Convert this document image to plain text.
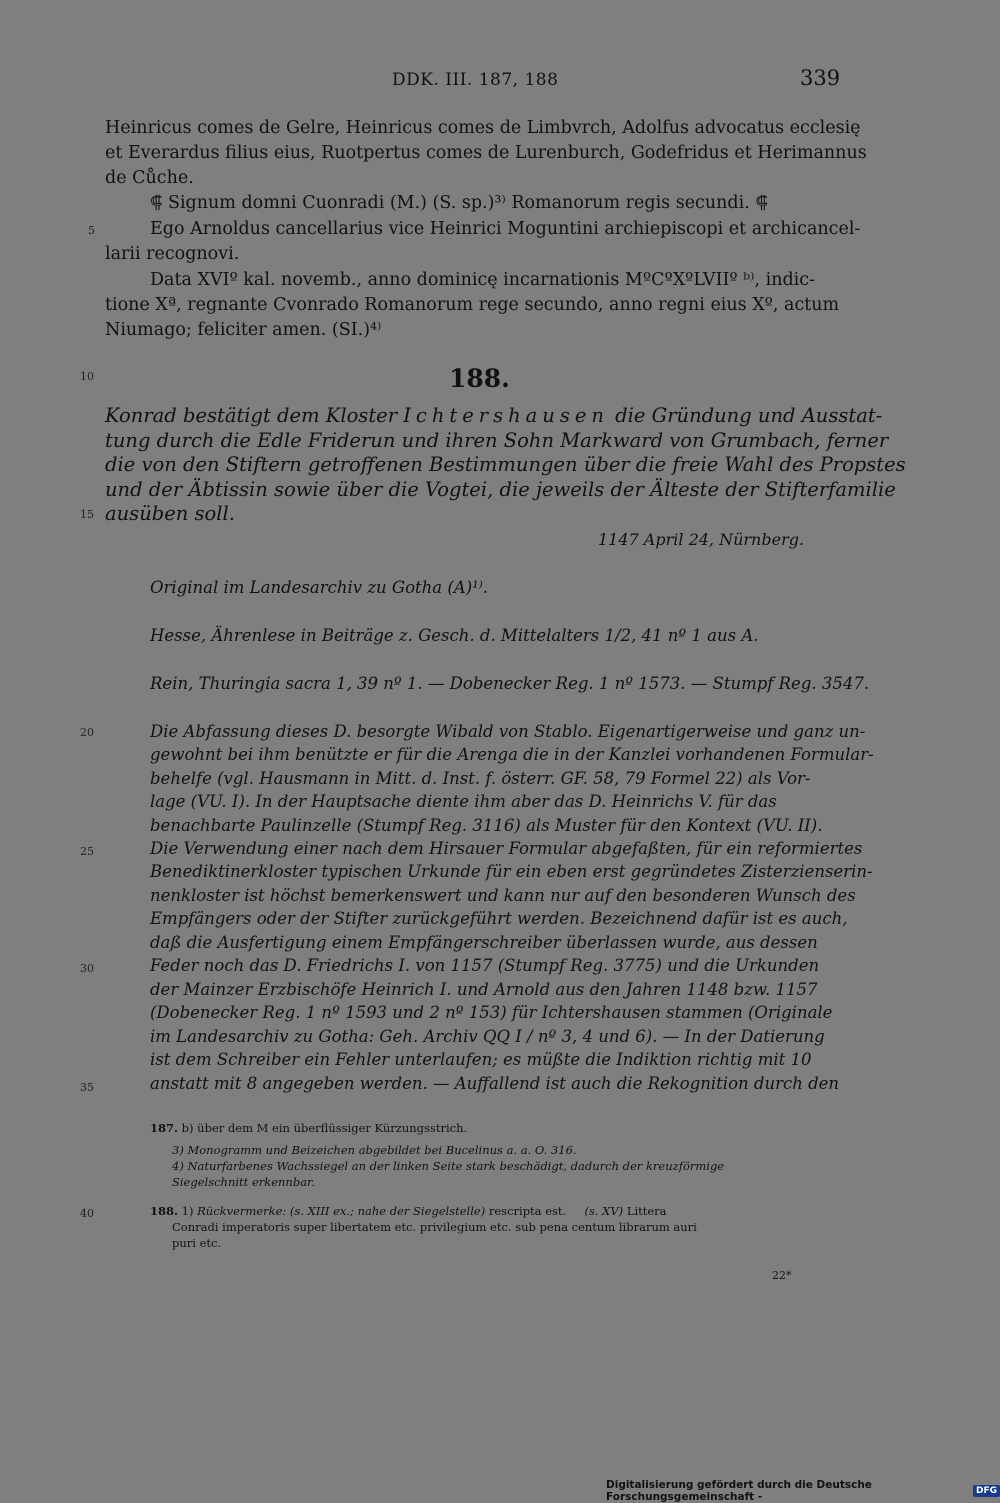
DDK. III. 187, 188	339
Heinricus comes de Gelre, Heinricus comes de Limbvrch, Adolfus advocatus ecclesię
et Everardus filius eius, Ruotpertus comes de Lurenburch, Godefridus et Herimannus
de Cůche.
⸿ Signum domni Cuonradi (M.) (S. sp.)³⁾ Romanorum regis secundi. ⸿
Ego Arnoldus cancellarius vice Heinrici Moguntini archiepiscopi et archicancel-
larii recognovi.
Data XVIº kal. novemb., anno dominicę incarnationis MºCºXºLVIIº ᵇ⁾, indic-
tione Xª, regnante Cvonrado Romanorum rege secundo, anno regni eius Xº, actum
Niumago; feliciter amen. (SI.)⁴⁾
5
10
15
20
25
30
35
40
188.
Konrad bestätigt dem Kloster Ichtershausen die Gründung und Ausstat-
tung durch die Edle Friderun und ihren Sohn Markward von Grumbach, ferner
die von den Stiftern getroffenen Bestimmungen über die freie Wahl des Propstes
und der Äbtissin sowie über die Vogtei, die jeweils der Älteste der Stifterfamilie
ausüben soll.
1147 April 24, Nürnberg.
Original im Landesarchiv zu Gotha (A)¹⁾.
Hesse, Ährenlese in Beiträge z. Gesch. d. Mittelalters 1/2, 41 nº 1 aus A.
Rein, Thuringia sacra 1, 39 nº 1. — Dobenecker Reg. 1 nº 1573. — Stumpf Reg. 3547.
Die Abfassung dieses D. besorgte Wibald von Stablo. Eigenartigerweise und ganz un-
gewohnt bei ihm benützte er für die Arenga die in der Kanzlei vorhandenen Formular-
behelfe (vgl. Hausmann in Mitt. d. Inst. f. österr. GF. 58, 79 Formel 22) als Vor-
lage (VU. I). In der Hauptsache diente ihm aber das D. Heinrichs V. für das
benachbarte Paulinzelle (Stumpf Reg. 3116) als Muster für den Kontext (VU. II).
Die Verwendung einer nach dem Hirsauer Formular abgefaßten, für ein reformiertes
Benediktinerkloster typischen Urkunde für ein eben erst gegründetes Zisterzienserin-
nenkloster ist höchst bemerkenswert und kann nur auf den besonderen Wunsch des
Empfängers oder der Stifter zurückgeführt werden. Bezeichnend dafür ist es auch,
daß die Ausfertigung einem Empfängerschreiber überlassen wurde, aus dessen
Feder noch das D. Friedrichs I. von 1157 (Stumpf Reg. 3775) und die Urkunden
der Mainzer Erzbischöfe Heinrich I. und Arnold aus den Jahren 1148 bzw. 1157
(Dobenecker Reg. 1 nº 1593 und 2 nº 153) für Ichtershausen stammen (Originale
im Landesarchiv zu Gotha: Geh. Archiv QQ I / nº 3, 4 und 6). — In der Datierung
ist dem Schreiber ein Fehler unterlaufen; es müßte die Indiktion richtig mit 10
anstatt mit 8 angegeben werden. — Auffallend ist auch die Rekognition durch den
187. b) über dem M ein überflüssiger Kürzungsstrich.
3) Monogramm und Beizeichen abgebildet bei Bucelinus a. a. O. 316.
4) Naturfarbenes Wachssiegel an der linken Seite stark beschädigt, dadurch der kreuzförmige
Siegelschnitt erkennbar.
188. 1) Rückvermerke: (s. XIII ex.; nahe der Siegelstelle) rescripta est. (s. XV) Littera
Conradi imperatoris super libertatem etc. privilegium etc. sub pena centum librarum auri
puri etc.
22*
Digitalisierung gefördert durch die Deutsche Forschungsgemeinschaft -	DFG
